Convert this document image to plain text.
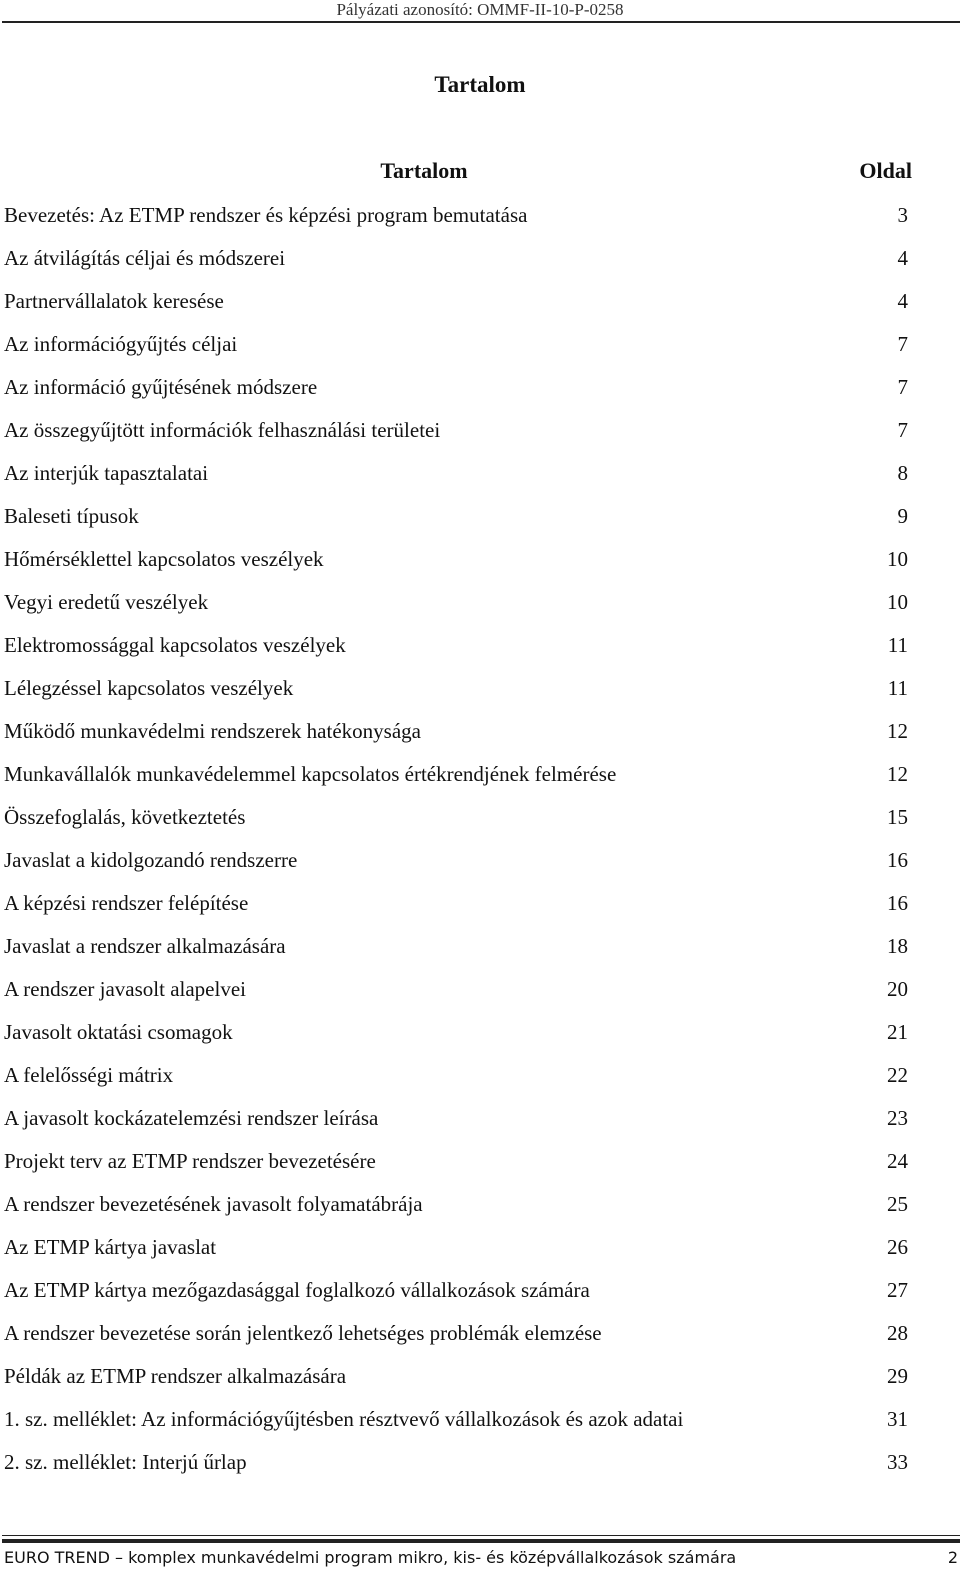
Pályázati azonosító: OMMF-II-10-P-0258
Tartalom
Tartalom	Oldal
Bevezetés: Az ETMP rendszer és képzési program bemutatása	3
Az átvilágítás céljai és módszerei	4
Partnervállalatok keresése	4
Az információgyűjtés céljai	7
Az információ gyűjtésének módszere	7
Az összegyűjtött információk felhasználási területei	7
Az interjúk tapasztalatai	8
Baleseti típusok	9
Hőmérséklettel kapcsolatos veszélyek	10
Vegyi eredetű veszélyek	10
Elektromossággal kapcsolatos veszélyek	11
Lélegzéssel kapcsolatos veszélyek	11
Működő munkavédelmi rendszerek hatékonysága	12
Munkavállalók munkavédelemmel kapcsolatos értékrendjének felmérése	12
Összefoglalás, következtetés	15
Javaslat a kidolgozandó rendszerre	16
A képzési rendszer felépítése	16
Javaslat a rendszer alkalmazására	18
A rendszer javasolt alapelvei	20
Javasolt oktatási csomagok	21
A felelősségi mátrix	22
A javasolt kockázatelemzési rendszer leírása	23
Projekt terv az ETMP rendszer bevezetésére	24
A rendszer bevezetésének javasolt folyamatábrája	25
Az ETMP kártya javaslat	26
Az ETMP kártya mezőgazdasággal foglalkozó vállalkozások számára	27
A rendszer bevezetése során jelentkező lehetséges problémák elemzése	28
Példák az ETMP rendszer alkalmazására	29
1. sz. melléklet: Az információgyűjtésben résztvevő vállalkozások és azok adatai	31
2. sz. melléklet: Interjú űrlap	33
EURO TREND – komplex munkavédelmi program mikro, kis- és középvállalkozások számára	2
